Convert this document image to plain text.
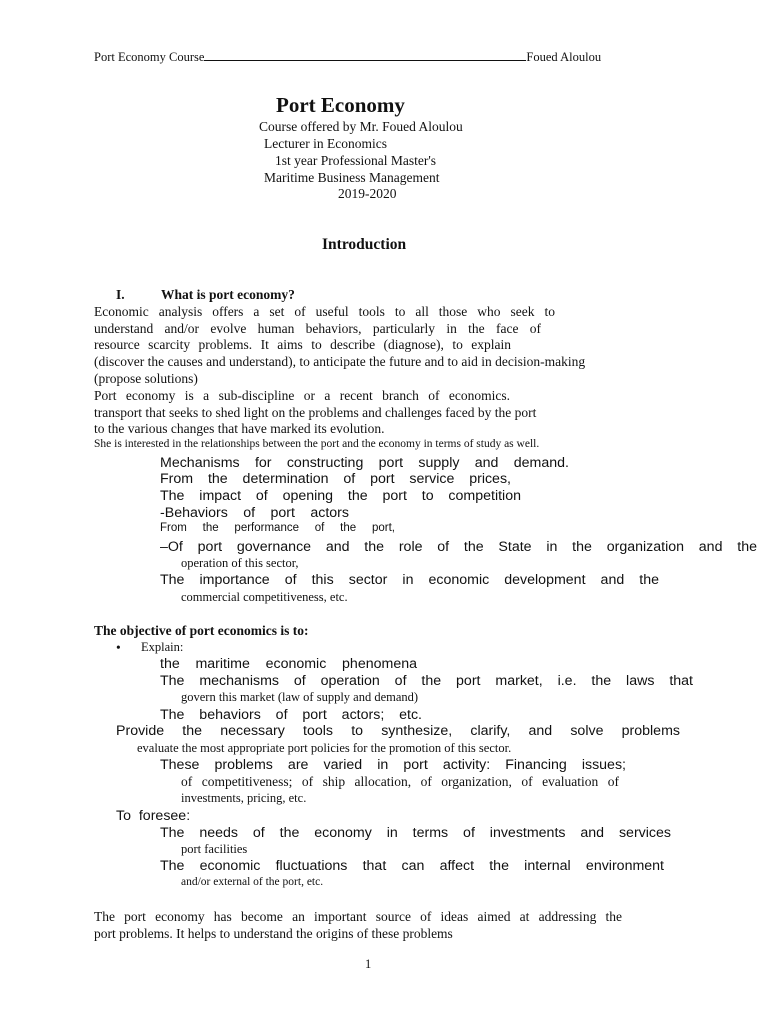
Port Economy Course	Foued Aloulou
Port Economy
Course offered by Mr. Foued Aloulou
Lecturer in Economics
1st year Professional Master's
Maritime Business Management
2019-2020
Introduction
I.	What is port economy?
Economic analysis offers a set of useful tools to all those who seek to
understand and/or evolve human behaviors, particularly in the face of
resource scarcity problems. It aims to describe (diagnose), to explain
(discover the causes and understand), to anticipate the future and to aid in decision-making
(propose solutions)
Port economy is a sub-discipline or a recent branch of economics.
transport that seeks to shed light on the problems and challenges faced by the port
to the various changes that have marked its evolution.
She is interested in the relationships between the port and the economy in terms of study as well.
Mechanisms for constructing port supply and demand.
From the determination of port service prices,
The impact of opening the port to competition
-Behaviors of port actors
From the performance of the port,
–Of port governance and the role of the State in the organization and the
operation of this sector,
The importance of this sector in economic development and the
commercial competitiveness, etc.
The objective of port economics is to:
• Explain:
the maritime economic phenomena
The mechanisms of operation of the port market, i.e. the laws that
govern this market (law of supply and demand)
The behaviors of port actors; etc.
Provide the necessary tools to synthesize, clarify, and solve problems
evaluate the most appropriate port policies for the promotion of this sector.
These problems are varied in port activity: Financing issues;
of competitiveness; of ship allocation, of organization, of evaluation of
investments, pricing, etc.
To  foresee:
The needs of the economy in terms of investments and services
port facilities
The economic fluctuations that can affect the internal environment
and/or external of the port, etc.
The port economy has become an important source of ideas aimed at addressing the
port problems. It helps to understand the origins of these problems
1
